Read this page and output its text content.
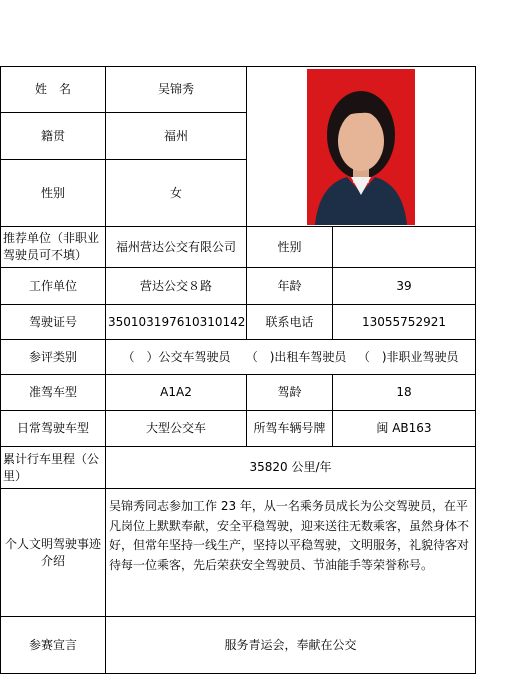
姓　名	吴锦秀	
籍贯	福州		
性别	女		
推荐单位（非职业驾驶员可不填）	福州营达公交有限公司	性别	
工作单位	营达公交８路	年龄	39
驾驶证号	350103197610310142	联系电话	13055752921
参评类别	（　）公交车驾驶员 （　)出租车驾驶员 （　)非职业驾驶员		
准驾车型	A1A2	驾龄	18
日常驾驶车型	大型公交车	所驾车辆号牌	闽 AB163
累计行车里程（公里）	35820 公里/年		
个人文明驾驶事迹介绍	吴锦秀同志参加工作 23 年，从一名乘务员成长为公交驾驶员，在平凡岗位上默默奉献，安全平稳驾驶，迎来送往无数乘客，虽然身体不好，但常年坚持一线生产，坚持以平稳驾驶，文明服务，礼貌待客对待每一位乘客，先后荣获安全驾驶员、节油能手等荣誉称号。		
参赛宣言	服务青运会，奉献在公交		
